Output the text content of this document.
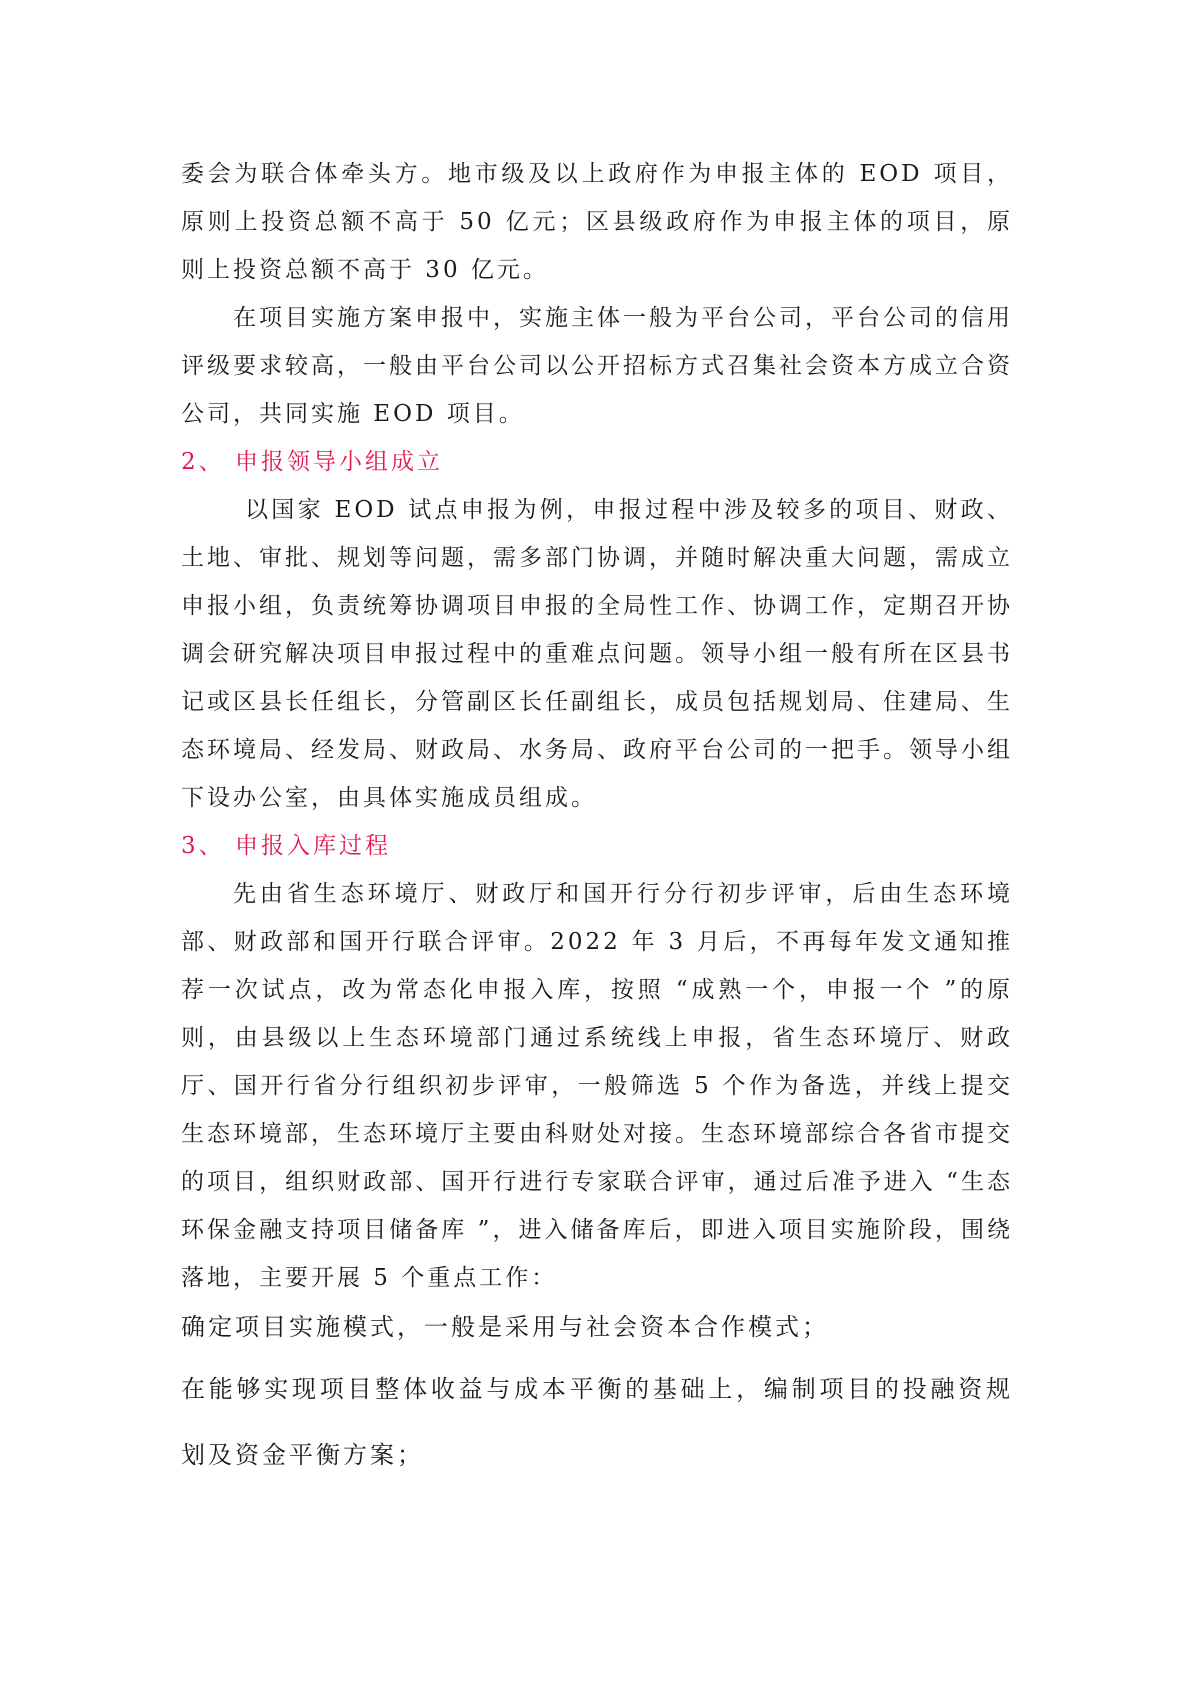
委会为联合体牵头方。地市级及以上政府作为申报主体的 EOD 项目，原则上投资总额不高于 50 亿元；区县级政府作为申报主体的项目，原则上投资总额不高于 30 亿元。

在项目实施方案申报中，实施主体一般为平台公司，平台公司的信用评级要求较高，一般由平台公司以公开招标方式召集社会资本方成立合资公司，共同实施 EOD 项目。

2、 申报领导小组成立

以国家 EOD 试点申报为例，申报过程中涉及较多的项目、财政、土地、审批、规划等问题，需多部门协调，并随时解决重大问题，需成立申报小组，负责统筹协调项目申报的全局性工作、协调工作，定期召开协调会研究解决项目申报过程中的重难点问题。领导小组一般有所在区县书记或区县长任组长，分管副区长任副组长，成员包括规划局、住建局、生态环境局、经发局、财政局、水务局、政府平台公司的一把手。领导小组下设办公室，由具体实施成员组成。

3、 申报入库过程

先由省生态环境厅、财政厅和国开行分行初步评审，后由生态环境部、财政部和国开行联合评审。2022 年 3 月后，不再每年发文通知推荐一次试点，改为常态化申报入库，按照 “成熟一个，申报一个 ”的原则，由县级以上生态环境部门通过系统线上申报，省生态环境厅、财政厅、国开行省分行组织初步评审，一般筛选 5 个作为备选，并线上提交生态环境部，生态环境厅主要由科财处对接。生态环境部综合各省市提交的项目，组织财政部、国开行进行专家联合评审，通过后准予进入 “生态环保金融支持项目储备库 ”，进入储备库后，即进入项目实施阶段，围绕落地，主要开展 5 个重点工作：

确定项目实施模式，一般是采用与社会资本合作模式；

在能够实现项目整体收益与成本平衡的基础上，编制项目的投融资规划及资金平衡方案；
